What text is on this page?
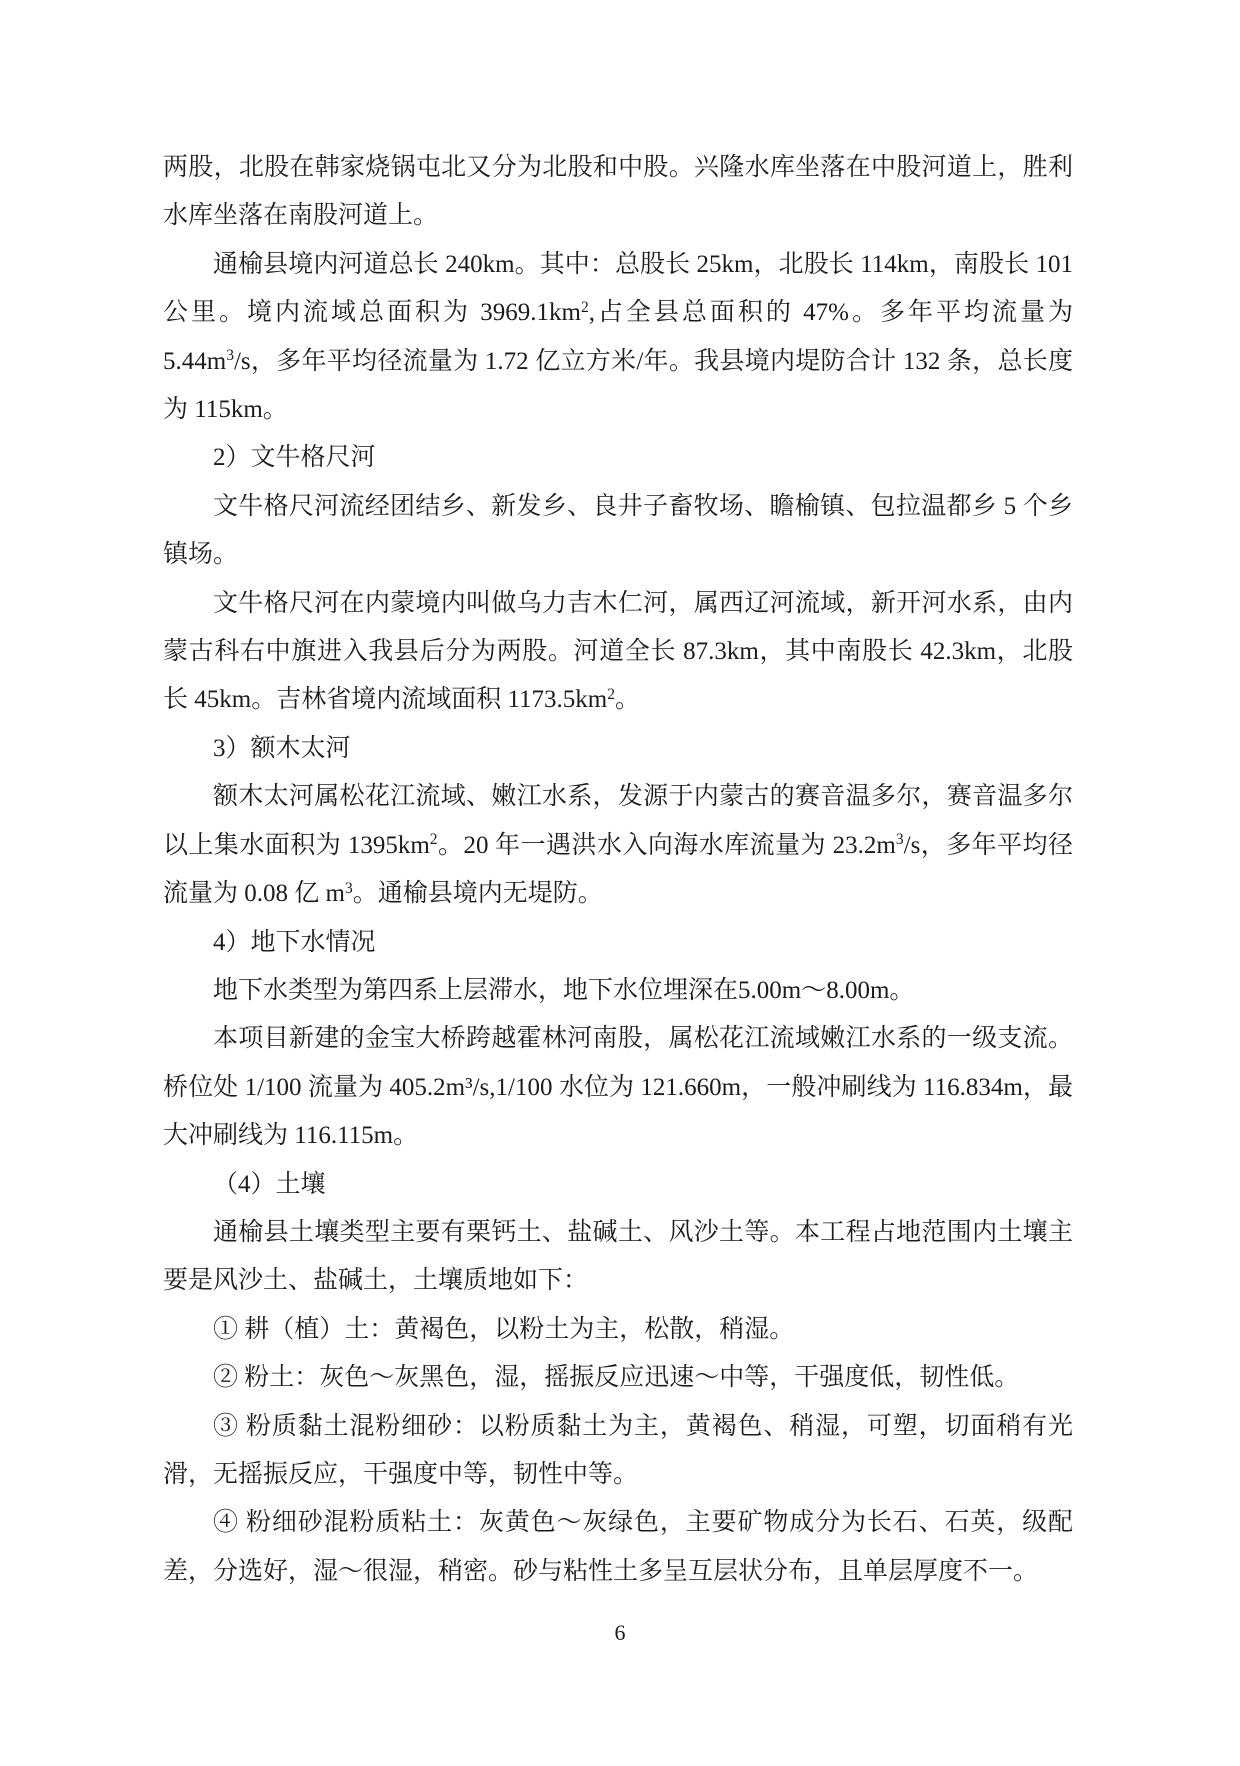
两股，北股在韩家烧锅屯北又分为北股和中股。兴隆水库坐落在中股河道上，胜利水库坐落在南股河道上。

通榆县境内河道总长 240km。其中：总股长 25km，北股长 114km，南股长 101 公里。境内流域总面积为 $3969.1km^2$,占全县总面积的 47%。多年平均流量为 $5.44m^3/s$，多年平均径流量为 1.72 亿立方米/年。我县境内堤防合计 132 条，总长度为 115km。

2）文牛格尺河

文牛格尺河流经团结乡、新发乡、良井子畜牧场、瞻榆镇、包拉温都乡 5 个乡镇场。

文牛格尺河在内蒙境内叫做乌力吉木仁河，属西辽河流域，新开河水系，由内蒙古科右中旗进入我县后分为两股。河道全长 87.3km，其中南股长 42.3km，北股长 45km。吉林省境内流域面积 $1173.5km^2$。

3）额木太河

额木太河属松花江流域、嫩江水系，发源于内蒙古的赛音温多尔，赛音温多尔以上集水面积为 $1395km^2$。20 年一遇洪水入向海水库流量为 $23.2m^3/s$，多年平均径流量为 0.08 亿 $m^3$。通榆县境内无堤防。

4）地下水情况

地下水类型为第四系上层滞水，地下水位埋深在5.00m～8.00m。

本项目新建的金宝大桥跨越霍林河南股，属松花江流域嫩江水系的一级支流。桥位处 1/100 流量为 405.2m³/s,1/100 水位为 121.660m，一般冲刷线为 116.834m，最大冲刷线为 116.115m。

（4）土壤

通榆县土壤类型主要有栗钙土、盐碱土、风沙土等。本工程占地范围内土壤主要是风沙土、盐碱土，土壤质地如下：

① 耕（植）土：黄褐色，以粉土为主，松散，稍湿。

② 粉土：灰色～灰黑色，湿，摇振反应迅速～中等，干强度低，韧性低。

③ 粉质黏土混粉细砂：以粉质黏土为主，黄褐色、稍湿，可塑，切面稍有光滑，无摇振反应，干强度中等，韧性中等。

④ 粉细砂混粉质粘土：灰黄色～灰绿色，主要矿物成分为长石、石英，级配差，分选好，湿～很湿，稍密。砂与粘性土多呈互层状分布，且单层厚度不一。

6
